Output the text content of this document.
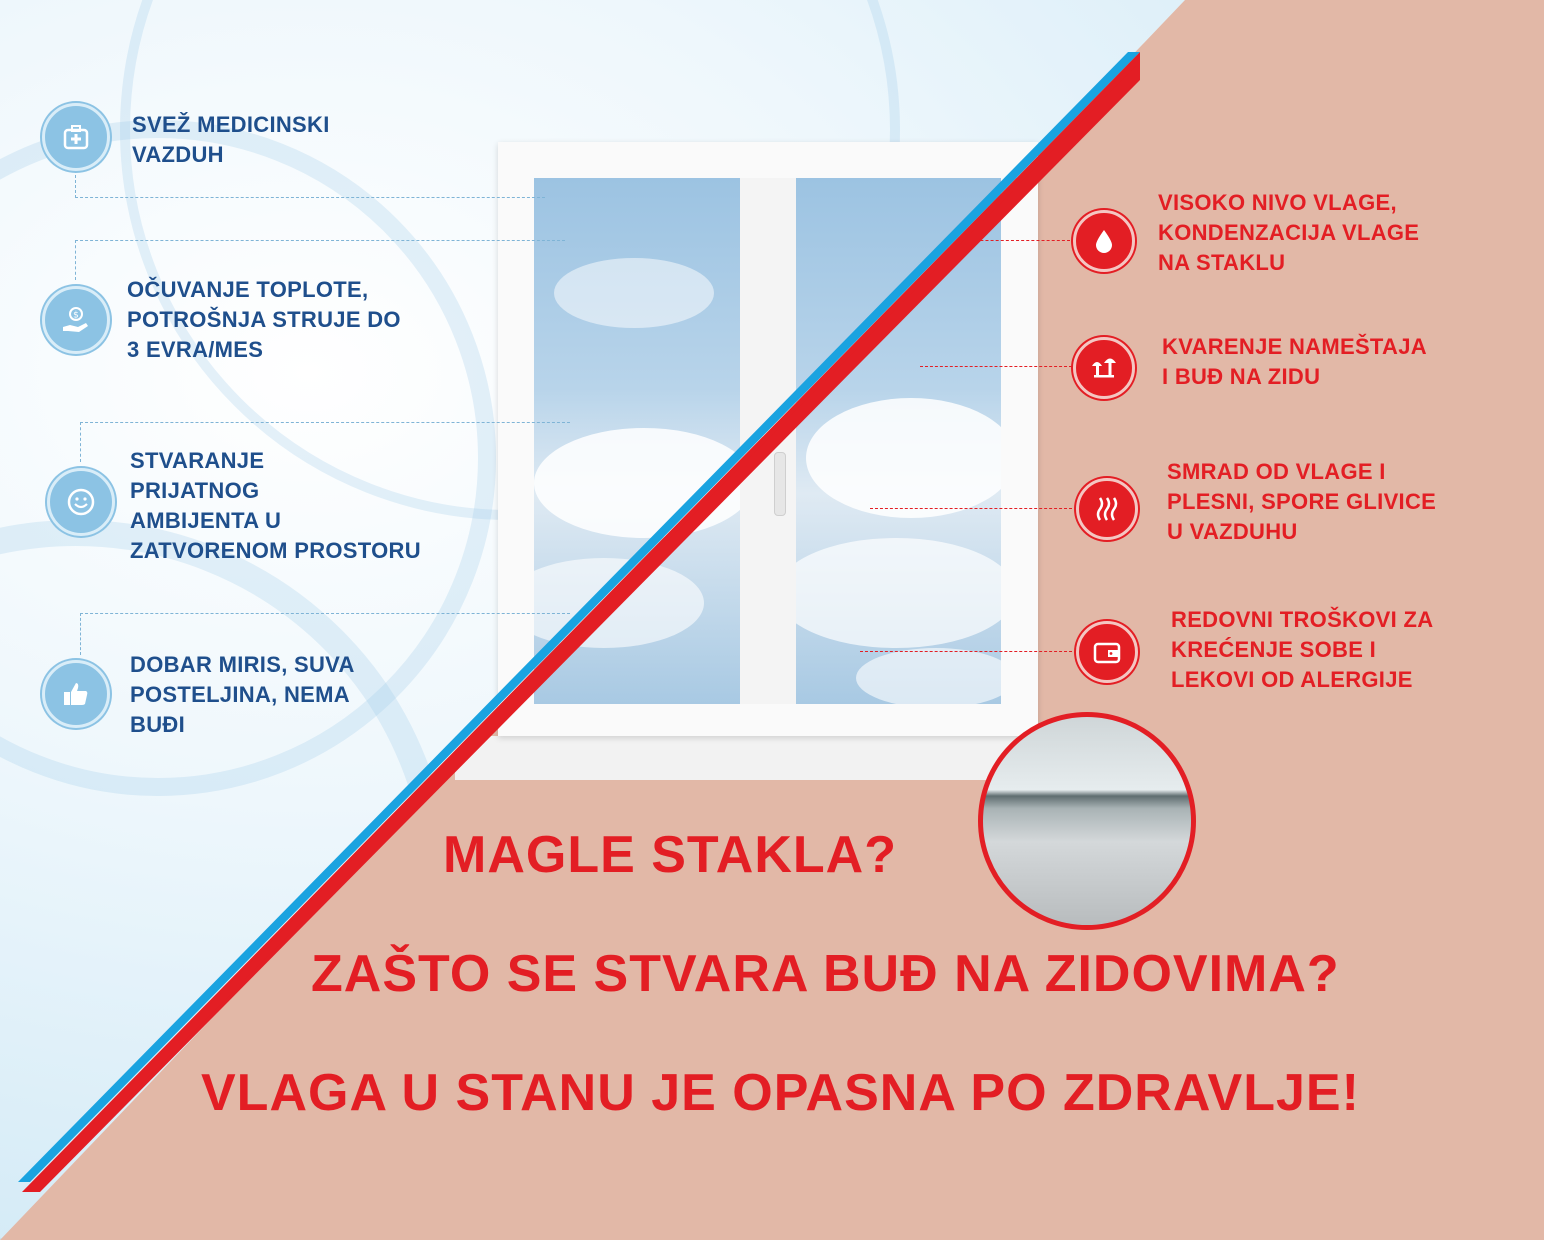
$
SVEŽ MEDICINSKI
VAZDUH
OČUVANJE TOPLOTE,
POTROŠNJA STRUJE DO
3 EVRA/MES
STVARANJE
PRIJATNOG
AMBIJENTA U
ZATVORENOM PROSTORU
DOBAR MIRIS, SUVA
POSTELJINA, NEMA
BUĐI
VISOKO NIVO VLAGE,
KONDENZACIJA VLAGE
NA STAKLU
KVARENJE NAMEŠTAJA
I BUĐ NA ZIDU
SMRAD OD VLAGE I
PLESNI, SPORE GLIVICE
U VAZDUHU
REDOVNI TROŠKOVI ZA
KREĆENJE SOBE I
LEKOVI OD ALERGIJE
MAGLE STAKLA?
ZAŠTO SE STVARA BUĐ NA ZIDOVIMA?
VLAGA U STANU JE OPASNA PO ZDRAVLJE!
